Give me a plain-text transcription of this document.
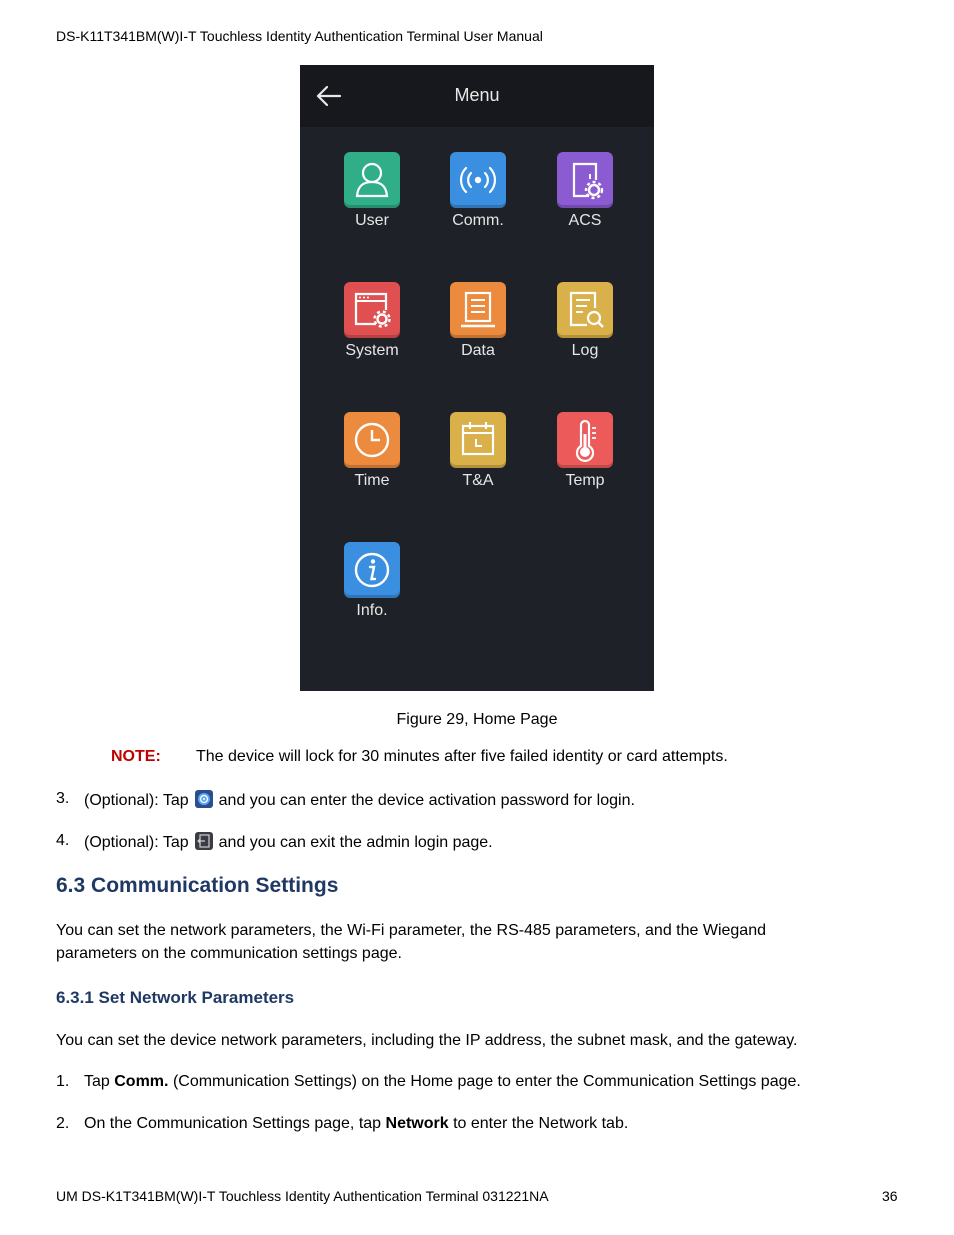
DS-K11T341BM(W)I-T Touchless Identity Authentication Terminal User Manual
Menu
User	Comm.	ACS
System	Data	Log
Time	T&A	Temp
Info.
Figure 29, Home Page
NOTE: The device will lock for 30 minutes after five failed identity or card attempts.
3. (Optional): Tap and you can enter the device activation password for login.
4. (Optional): Tap and you can exit the admin login page.
6.3 Communication Settings
You can set the network parameters, the Wi-Fi parameter, the RS-485 parameters, and the Wiegand
parameters on the communication settings page.
6.3.1 Set Network Parameters
You can set the device network parameters, including the IP address, the subnet mask, and the gateway.
1. Tap Comm. (Communication Settings) on the Home page to enter the Communication Settings page.
2. On the Communication Settings page, tap Network to enter the Network tab.
UM DS-K1T341BM(W)I-T Touchless Identity Authentication Terminal 031221NA	36
